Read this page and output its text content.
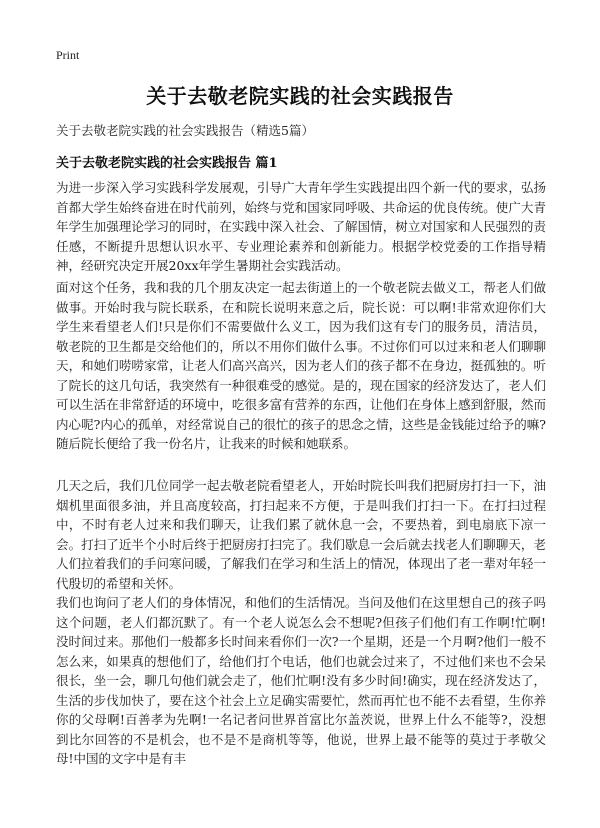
Print
关于去敬老院实践的社会实践报告
关于去敬老院实践的社会实践报告（精选5篇）
关于去敬老院实践的社会实践报告 篇1

为进一步深入学习实践科学发展观，引导广大青年学生实践提出四个新一代的要求，弘扬首都大学生始终奋进在时代前列，始终与党和国家同呼吸、共命运的优良传统。使广大青年学生加强理论学习的同时，在实践中深入社会、了解国情，树立对国家和人民强烈的责任感，不断提升思想认识水平、专业理论素养和创新能力。根据学校党委的工作指导精神，经研究决定开展20xx年学生暑期社会实践活动。

面对这个任务，我和我的几个朋友决定一起去街道上的一个敬老院去做义工，帮老人们做做事。开始时我与院长联系，在和院长说明来意之后，院长说：可以啊!非常欢迎你们大学生来看望老人们!只是你们不需要做什么义工，因为我们这有专门的服务员，清洁员，敬老院的卫生都是交给他们的，所以不用你们做什么事。不过你们可以过来和老人们聊聊天，和她们唠唠家常，让老人们高兴高兴，因为老人们的孩子都不在身边，挺孤独的。听了院长的这几句话，我突然有一种很难受的感觉。是的，现在国家的经济发达了，老人们可以生活在非常舒适的环境中，吃很多富有营养的东西，让他们在身体上感到舒服，然而内心呢?内心的孤单，对经常说自己的很忙的孩子的思念之情，这些是金钱能过给予的嘛?随后院长便给了我一份名片，让我来的时候和她联系。

几天之后，我们几位同学一起去敬老院看望老人，开始时院长叫我们把厨房打扫一下，油烟机里面很多油，并且高度较高，打扫起来不方便，于是叫我们打扫一下。在打扫过程中，不时有老人过来和我们聊天，让我们累了就休息一会，不要热着，到电扇底下凉一会。打扫了近半个小时后终于把厨房打扫完了。我们歇息一会后就去找老人们聊聊天，老人们拉着我们的手问寒问暖，了解我们在学习和生活上的情况，体现出了老一辈对年轻一代殷切的希望和关怀。

我们也询问了老人们的身体情况，和他们的生活情况。当问及他们在这里想自己的孩子吗这个问题，老人们都沉默了。有一个老人说怎么会不想呢?但孩子们他们有工作啊!忙啊!没时间过来。那他们一般都多长时间来看你们一次?一个星期，还是一个月啊?他们一般不怎么来，如果真的想他们了，给他们打个电话，他们也就会过来了，不过他们来也不会呆很长，坐一会，聊几句他们就会走了，他们忙啊!没有多少时间!确实，现在经济发达了，生活的步伐加快了，要在这个社会上立足确实需要忙，然而再忙也不能不去看望，生你养你的父母啊!百善孝为先啊!一名记者问世界首富比尔盖茨说，世界上什么不能等?，没想到比尔回答的不是机会，也不是不是商机等等，他说，世界上最不能等的莫过于孝敬父母!中国的文字中是有丰
